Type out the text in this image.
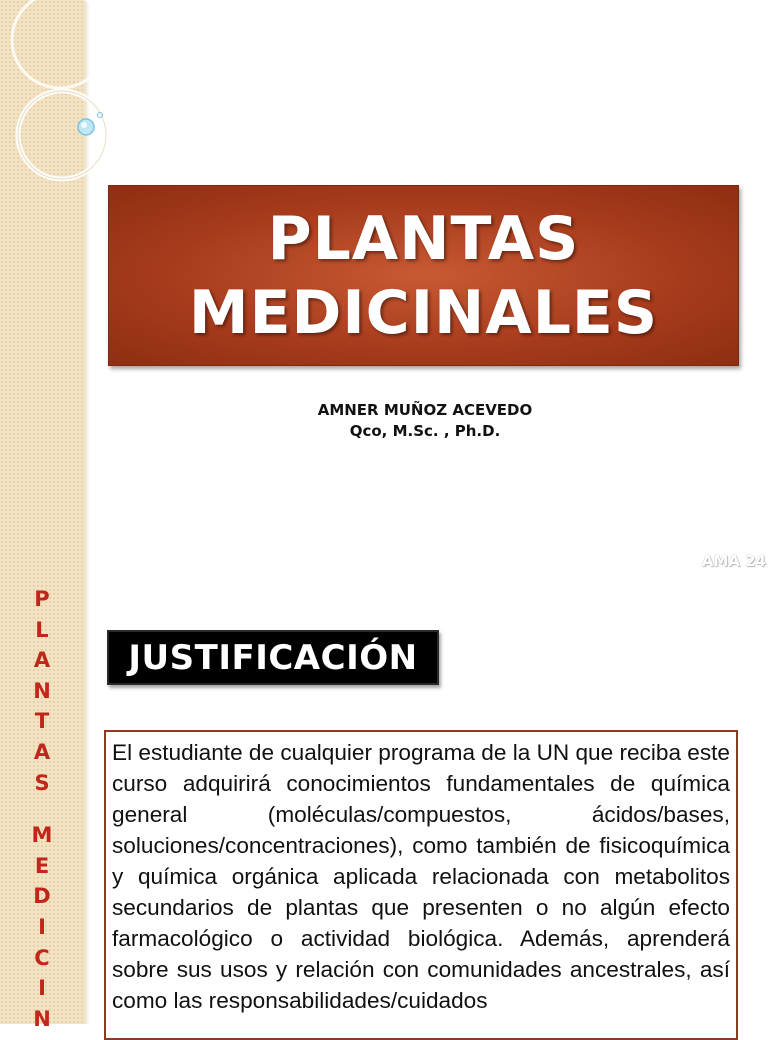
P
L
A
N
T
A
S
M
E
D
I
C
I
N
PLANTAS
MEDICINALES
AMNER MUÑOZ ACEVEDO
Qco, M.Sc. , Ph.D.
AMA 24
JUSTIFICACIÓN

El estudiante de cualquier programa de la UN que reciba este curso adquirirá conocimientos fundamentales de química general (moléculas/compuestos, ácidos/bases, soluciones/concentraciones), como también de fisicoquímica y química orgánica aplicada relacionada con metabolitos secundarios de plantas que presenten o no algún efecto farmacológico o actividad biológica. Además, aprenderá sobre sus usos y relación con comunidades ancestrales, así como las responsabilidades/cuidados
